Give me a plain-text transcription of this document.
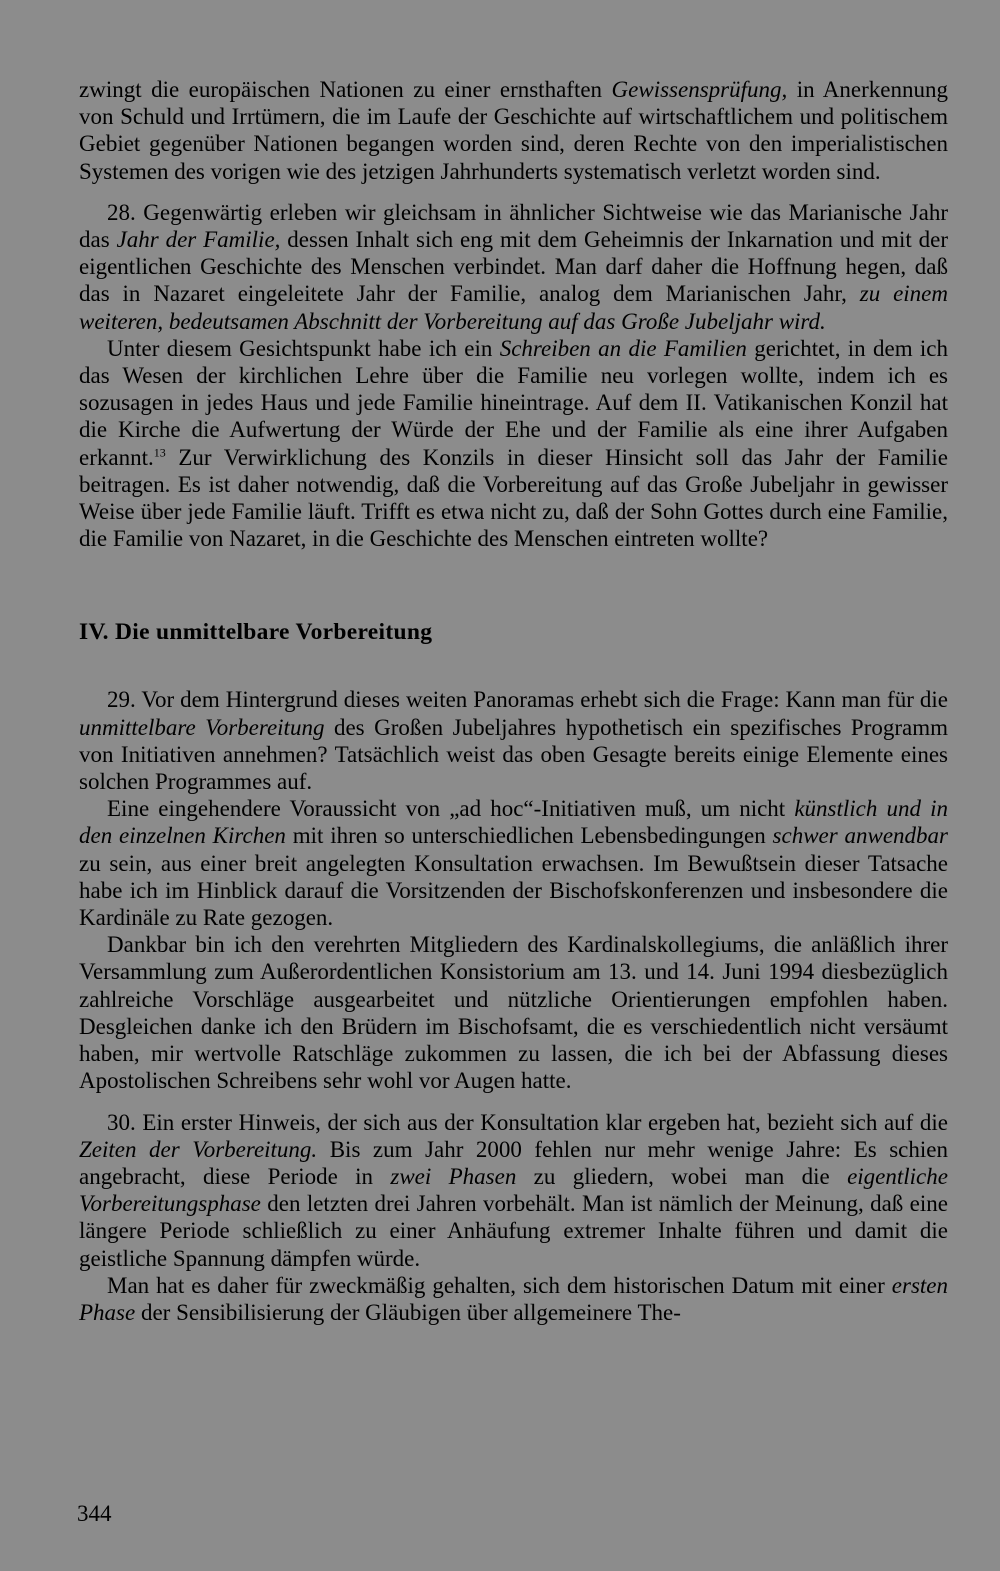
zwingt die europäischen Nationen zu einer ernsthaften Gewissensprüfung, in Anerkennung von Schuld und Irrtümern, die im Laufe der Geschichte auf wirtschaftlichem und politischem Gebiet gegenüber Nationen begangen worden sind, deren Rechte von den imperialistischen Systemen des vorigen wie des jetzigen Jahrhunderts systematisch verletzt worden sind.

28. Gegenwärtig erleben wir gleichsam in ähnlicher Sichtweise wie das Marianische Jahr das Jahr der Familie, dessen Inhalt sich eng mit dem Geheimnis der Inkarnation und mit der eigentlichen Geschichte des Menschen verbindet. Man darf daher die Hoffnung hegen, daß das in Nazaret eingeleitete Jahr der Familie, analog dem Marianischen Jahr, zu einem weiteren, bedeutsamen Abschnitt der Vorbereitung auf das Große Jubeljahr wird.

Unter diesem Gesichtspunkt habe ich ein Schreiben an die Familien gerichtet, in dem ich das Wesen der kirchlichen Lehre über die Familie neu vorlegen wollte, indem ich es sozusagen in jedes Haus und jede Familie hineintrage. Auf dem II. Vatikanischen Konzil hat die Kirche die Aufwertung der Würde der Ehe und der Familie als eine ihrer Aufgaben erkannt.$^{13}$ Zur Verwirklichung des Konzils in dieser Hinsicht soll das Jahr der Familie beitragen. Es ist daher notwendig, daß die Vorbereitung auf das Große Jubeljahr in gewisser Weise über jede Familie läuft. Trifft es etwa nicht zu, daß der Sohn Gottes durch eine Familie, die Familie von Nazaret, in die Geschichte des Menschen eintreten wollte?

IV. Die unmittelbare Vorbereitung

29. Vor dem Hintergrund dieses weiten Panoramas erhebt sich die Frage: Kann man für die unmittelbare Vorbereitung des Großen Jubeljahres hypothetisch ein spezifisches Programm von Initiativen annehmen? Tatsächlich weist das oben Gesagte bereits einige Elemente eines solchen Programmes auf.

Eine eingehendere Voraussicht von „ad hoc“-Initiativen muß, um nicht künstlich und in den einzelnen Kirchen mit ihren so unterschiedlichen Lebensbedingungen schwer anwendbar zu sein, aus einer breit angelegten Konsultation erwachsen. Im Bewußtsein dieser Tatsache habe ich im Hinblick darauf die Vorsitzenden der Bischofskonferenzen und insbesondere die Kardinäle zu Rate gezogen.

Dankbar bin ich den verehrten Mitgliedern des Kardinalskollegiums, die anläßlich ihrer Versammlung zum Außerordentlichen Konsistorium am 13. und 14. Juni 1994 diesbezüglich zahlreiche Vorschläge ausgearbeitet und nützliche Orientierungen empfohlen haben. Desgleichen danke ich den Brüdern im Bischofsamt, die es verschiedentlich nicht versäumt haben, mir wertvolle Ratschläge zukommen zu lassen, die ich bei der Abfassung dieses Apostolischen Schreibens sehr wohl vor Augen hatte.

30. Ein erster Hinweis, der sich aus der Konsultation klar ergeben hat, bezieht sich auf die Zeiten der Vorbereitung. Bis zum Jahr 2000 fehlen nur mehr wenige Jahre: Es schien angebracht, diese Periode in zwei Phasen zu gliedern, wobei man die eigentliche Vorbereitungsphase den letzten drei Jahren vorbehält. Man ist nämlich der Meinung, daß eine längere Periode schließlich zu einer Anhäufung extremer Inhalte führen und damit die geistliche Spannung dämpfen würde.

Man hat es daher für zweckmäßig gehalten, sich dem historischen Datum mit einer ersten Phase der Sensibilisierung der Gläubigen über allgemeinere The-

344
